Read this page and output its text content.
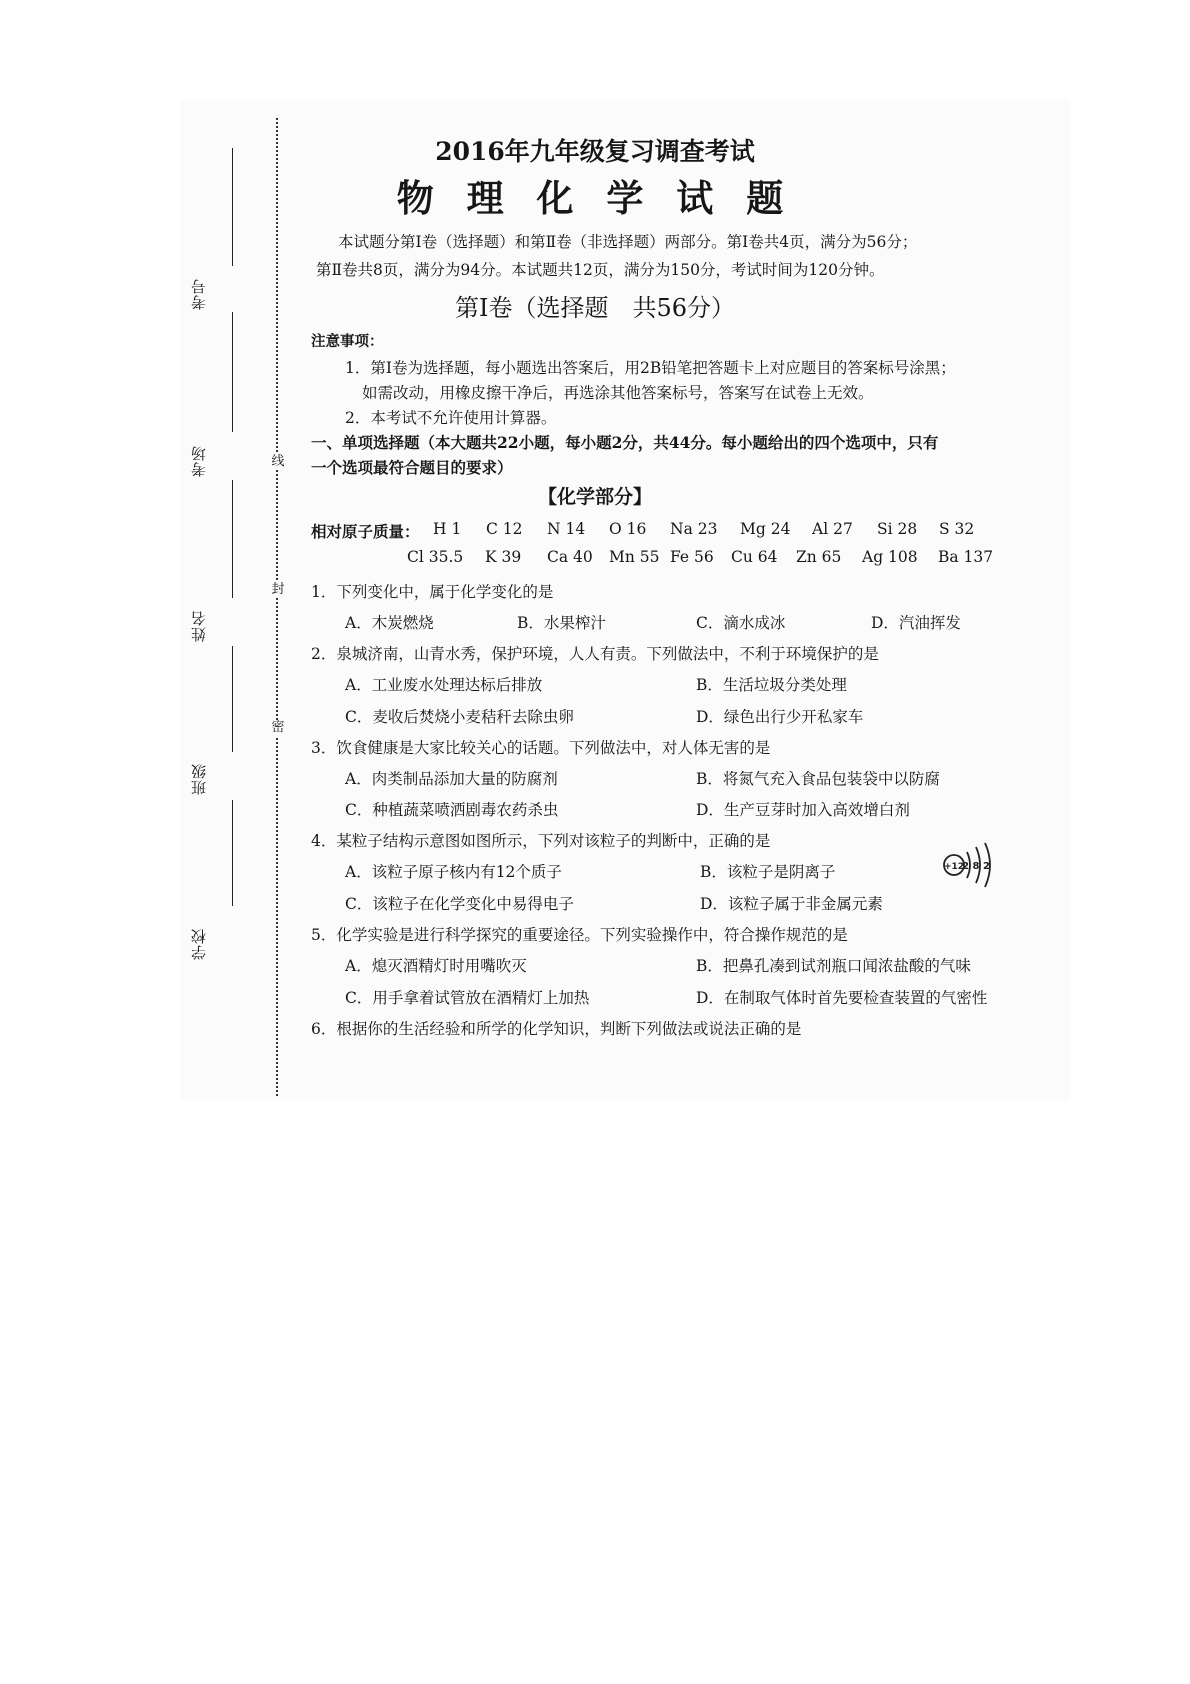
考号
考场
姓名
班级
学校
线
封
密
2016年九年级复习调查考试
物 理 化 学 试 题
本试题分第Ⅰ卷（选择题）和第Ⅱ卷（非选择题）两部分。第Ⅰ卷共4页，满分为56分；
第Ⅱ卷共8页，满分为94分。本试题共12页，满分为150分，考试时间为120分钟。
第Ⅰ卷（选择题　共56分）
注意事项：
1．第Ⅰ卷为选择题，每小题选出答案后，用2B铅笔把答题卡上对应题目的答案标号涂黑；
如需改动，用橡皮擦干净后，再选涂其他答案标号，答案写在试卷上无效。
2．本考试不允许使用计算器。
一、单项选择题（本大题共22小题，每小题2分，共44分。每小题给出的四个选项中，只有
一个选项最符合题目的要求）
【化学部分】
相对原子质量： H 1 C 12 N 14 O 16 Na 23 Mg 24 Al 27 Si 28 S 32
Cl 35.5 K 39 Ca 40 Mn 55 Fe 56 Cu 64 Zn 65 Ag 108 Ba 137
1．下列变化中，属于化学变化的是
A．木炭燃烧	B．水果榨汁	C．滴水成冰	D．汽油挥发
2．泉城济南，山青水秀，保护环境，人人有责。下列做法中，不利于环境保护的是
A．工业废水处理达标后排放	B．生活垃圾分类处理
C．麦收后焚烧小麦秸秆去除虫卵	D．绿色出行少开私家车
3．饮食健康是大家比较关心的话题。下列做法中，对人体无害的是
A．肉类制品添加大量的防腐剂	B．将氮气充入食品包装袋中以防腐
C．种植蔬菜喷洒剧毒农药杀虫	D．生产豆芽时加入高效增白剂
4．某粒子结构示意图如图所示，下列对该粒子的判断中，正确的是
A．该粒子原子核内有12个质子	B．该粒子是阴离子
C．该粒子在化学变化中易得电子	D．该粒子属于非金属元素
+12
2 8 2
5．化学实验是进行科学探究的重要途径。下列实验操作中，符合操作规范的是
A．熄灭酒精灯时用嘴吹灭	B．把鼻孔凑到试剂瓶口闻浓盐酸的气味
C．用手拿着试管放在酒精灯上加热	D．在制取气体时首先要检查装置的气密性
6．根据你的生活经验和所学的化学知识，判断下列做法或说法正确的是
